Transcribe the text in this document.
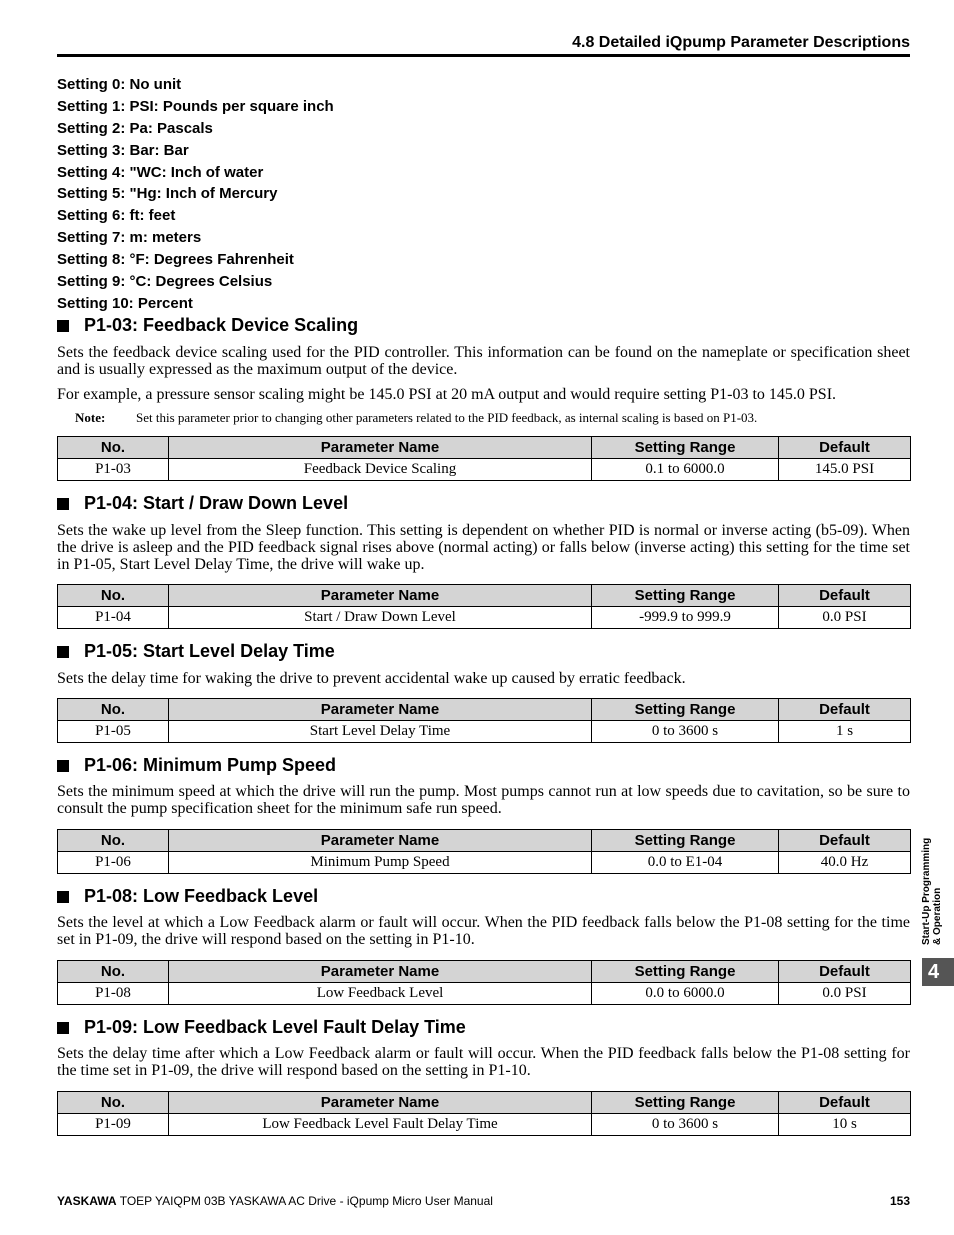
4.8 Detailed iQpump Parameter Descriptions
Setting 0: No unit
Setting 1: PSI: Pounds per square inch
Setting 2: Pa: Pascals
Setting 3: Bar: Bar
Setting 4: "WC: Inch of water
Setting 5: "Hg: Inch of Mercury
Setting 6: ft: feet
Setting 7: m: meters
Setting 8: °F: Degrees Fahrenheit
Setting 9: °C: Degrees Celsius
Setting 10: Percent
P1-03: Feedback Device Scaling

Sets the feedback device scaling used for the PID controller. This information can be found on the nameplate or specification sheet and is usually expressed as the maximum output of the device.

For example, a pressure sensor scaling might be 145.0 PSI at 20 mA output and would require setting P1-03 to 145.0 PSI.

Note: Set this parameter prior to changing other parameters related to the PID feedback, as internal scaling is based on P1-03.

No.	Parameter Name	Setting Range	Default
P1-03	Feedback Device Scaling	0.1 to 6000.0	145.0 PSI
P1-04: Start / Draw Down Level

Sets the wake up level from the Sleep function. This setting is dependent on whether PID is normal or inverse acting (b5-09). When the drive is asleep and the PID feedback signal rises above (normal acting) or falls below (inverse acting) this setting for the time set in P1-05, Start Level Delay Time, the drive will wake up.

No.	Parameter Name	Setting Range	Default
P1-04	Start / Draw Down Level	-999.9 to 999.9	0.0 PSI
P1-05: Start Level Delay Time

Sets the delay time for waking the drive to prevent accidental wake up caused by erratic feedback.

No.	Parameter Name	Setting Range	Default
P1-05	Start Level Delay Time	0 to 3600 s	1 s
P1-06: Minimum Pump Speed

Sets the minimum speed at which the drive will run the pump. Most pumps cannot run at low speeds due to cavitation, so be sure to consult the pump specification sheet for the minimum safe run speed.

No.	Parameter Name	Setting Range	Default
P1-06	Minimum Pump Speed	0.0 to E1-04	40.0 Hz
P1-08: Low Feedback Level

Sets the level at which a Low Feedback alarm or fault will occur. When the PID feedback falls below the P1-08 setting for the time set in P1-09, the drive will respond based on the setting in P1-10.

No.	Parameter Name	Setting Range	Default
P1-08	Low Feedback Level	0.0 to 6000.0	0.0 PSI
P1-09: Low Feedback Level Fault Delay Time

Sets the delay time after which a Low Feedback alarm or fault will occur. When the PID feedback falls below the P1-08 setting for the time set in P1-09, the drive will respond based on the setting in P1-10.

No.	Parameter Name	Setting Range	Default
P1-09	Low Feedback Level Fault Delay Time	0 to 3600 s	10 s
Start-Up Programming & Operation
4
YASKAWA TOEP YAIQPM 03B YASKAWA AC Drive - iQpump Micro User Manual	153
